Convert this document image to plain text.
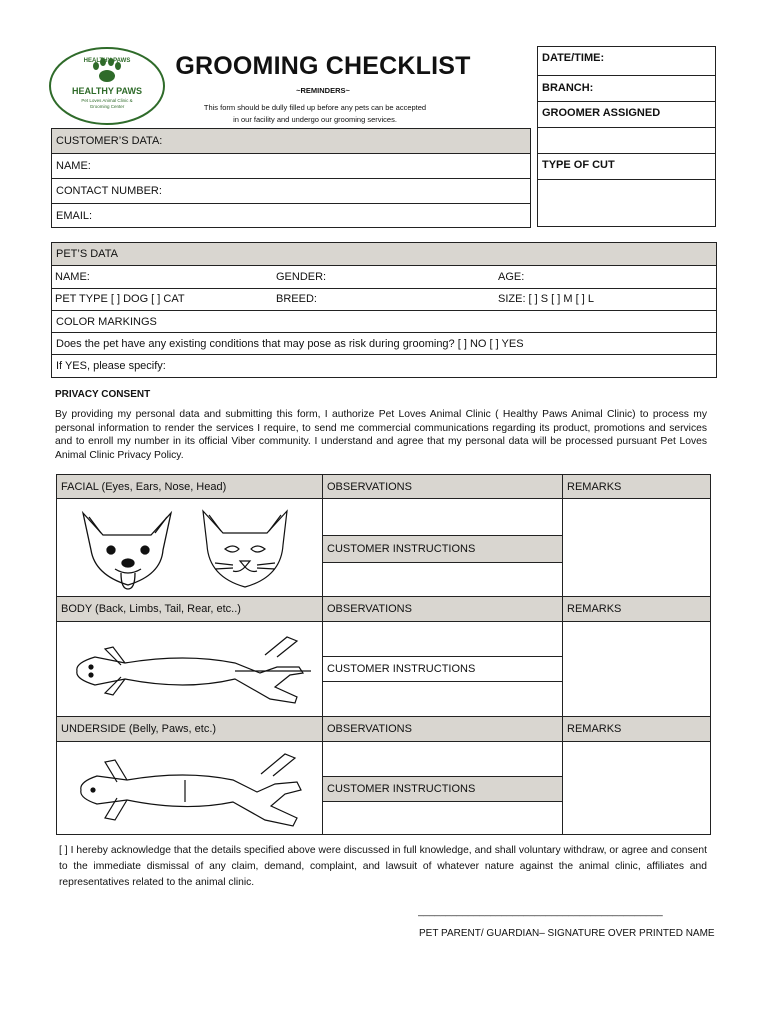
HEALTHY PAWS
HEALTHY PAWS
Pet Loves Animal Clinic & Grooming Center
GROOMING CHECKLIST
~REMINDERS~
This form should be dully filled up before any pets can be accepted
in our facility and undergo our grooming services.
DATE/TIME:
BRANCH:
GROOMER ASSIGNED
TYPE OF CUT
CUSTOMER’S DATA:
NAME:
CONTACT NUMBER:
EMAIL:
PET’S DATA
NAME:	GENDER:	AGE:
PET TYPE [ ] DOG [ ] CAT	BREED:	SIZE: [ ] S [ ] M [ ] L
COLOR MARKINGS
Does the pet have any existing conditions that may pose as risk during grooming? [ ] NO [ ] YES
If YES, please specify:
PRIVACY CONSENT
By providing my personal data and submitting this form, I authorize Pet Loves Animal Clinic ( Healthy Paws Animal Clinic) to process my personal information to render the services I require, to send me commercial communications regarding its product, promotions and services and to enroll my number in its official Viber community. I understand and agree that my personal data will be processed pursuant Pet Loves Animal Clinic Privacy Policy.
FACIAL (Eyes, Ears, Nose, Head)	OBSERVATIONS	REMARKS
CUSTOMER INSTRUCTIONS
BODY (Back, Limbs, Tail, Rear, etc..)	OBSERVATIONS	REMARKS
CUSTOMER INSTRUCTIONS
UNDERSIDE (Belly, Paws, etc.)	OBSERVATIONS	REMARKS
CUSTOMER INSTRUCTIONS
[ ] I hereby acknowledge that the details specified above were discussed in full knowledge, and shall voluntary withdraw, or agree and consent to the immediate dismissal of any claim, demand, complaint, and lawsuit of whatever nature against the animal clinic, affiliates and representatives related to the animal clinic.
____________________________________________
PET PARENT/ GUARDIAN– SIGNATURE OVER PRINTED NAME
